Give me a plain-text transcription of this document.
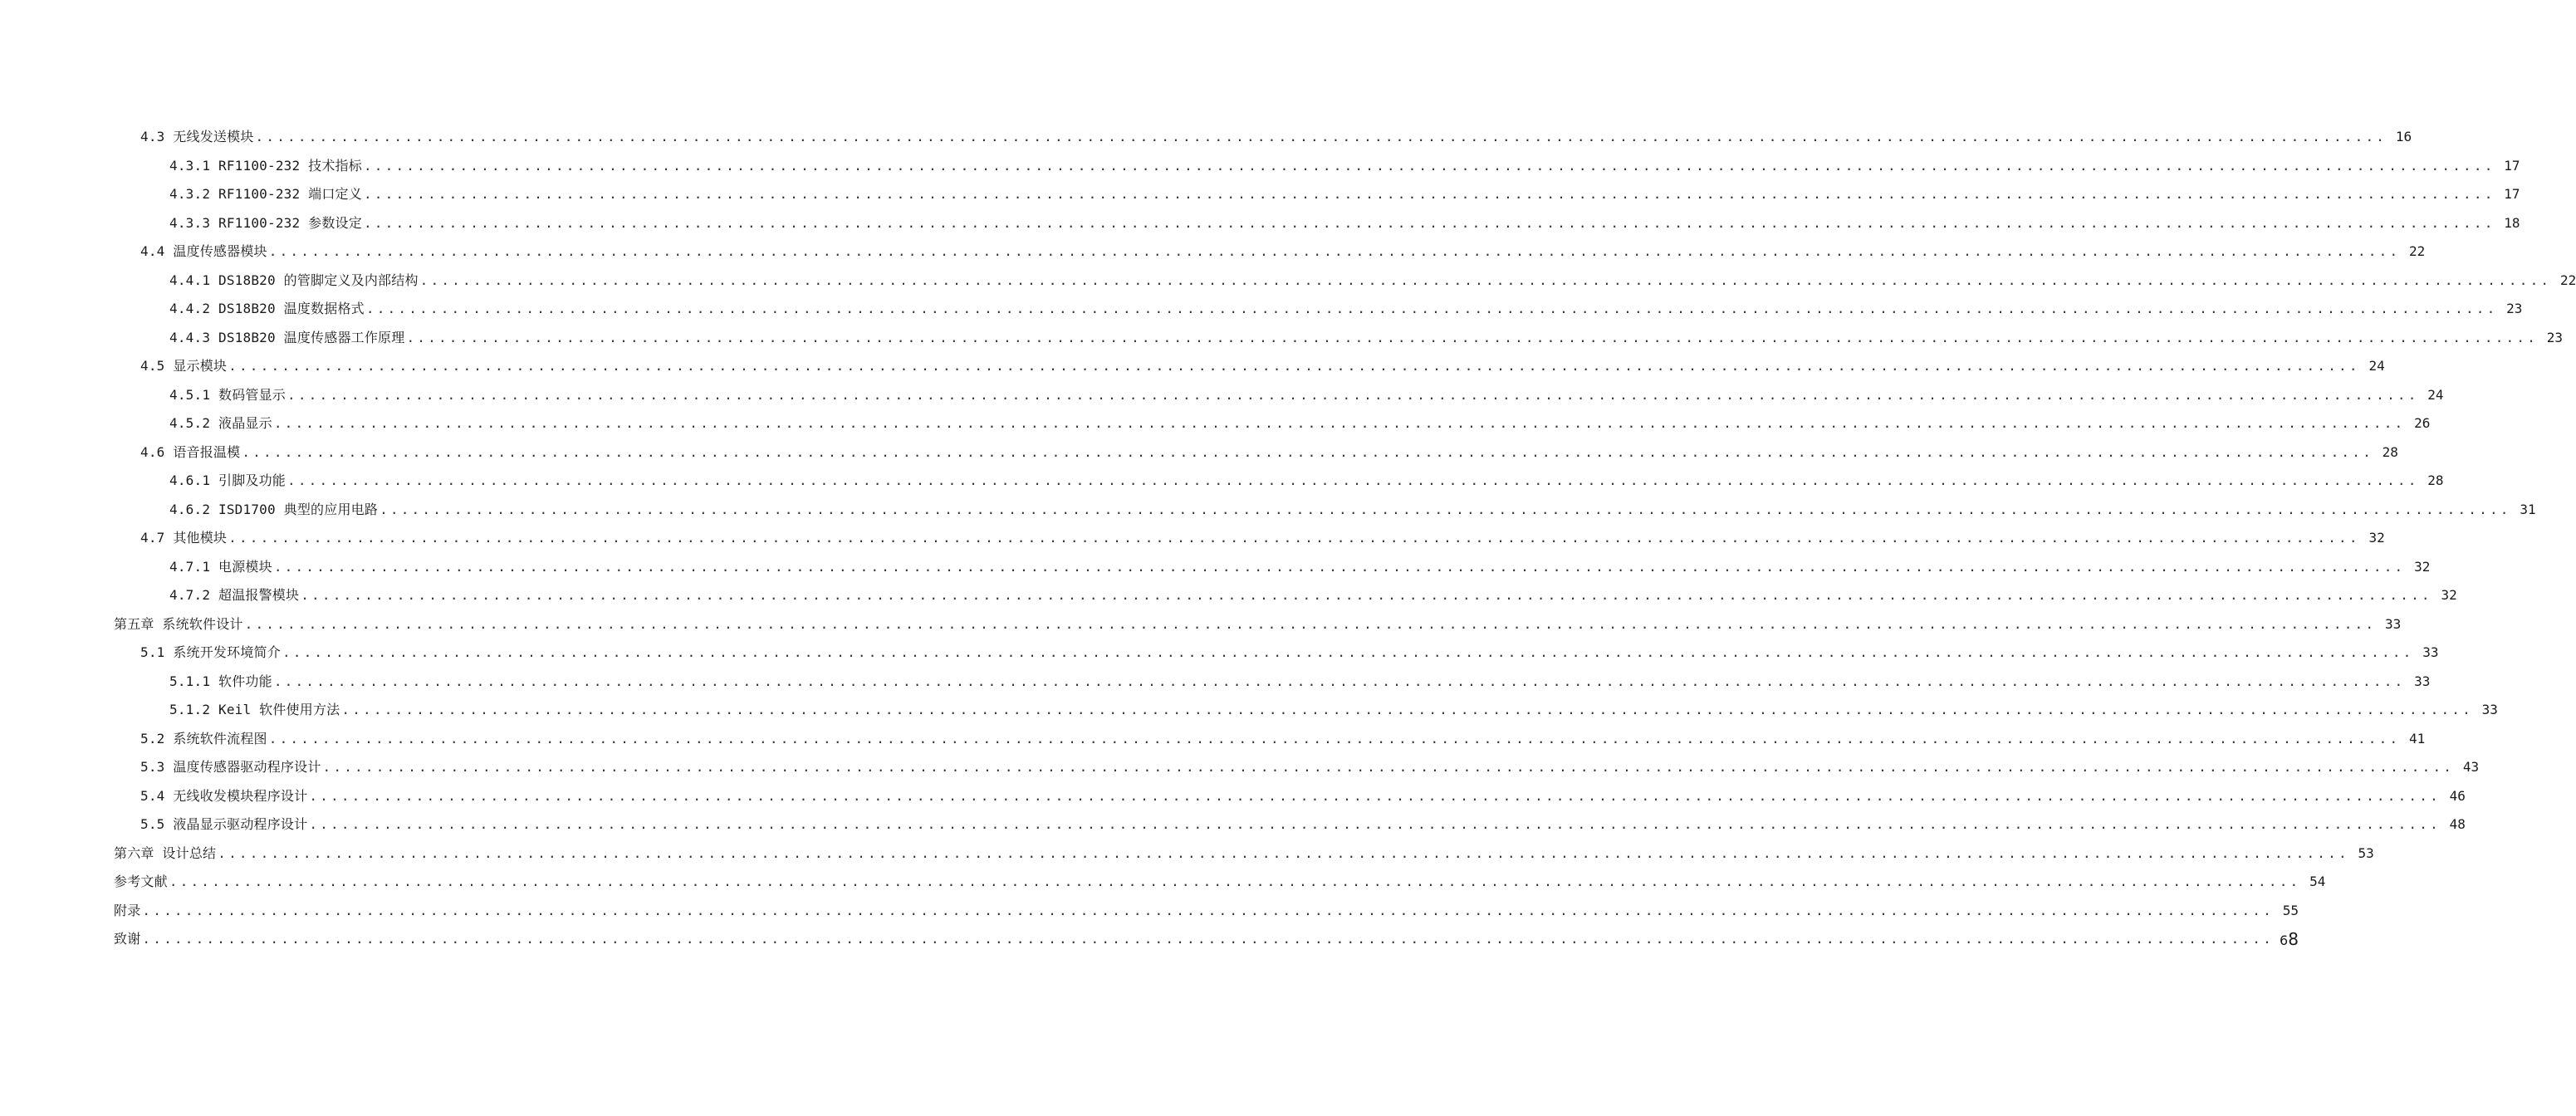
4.3 无线发送模块 ........................................................................................................................................................................................................ 16
4.3.1 RF1100-232 技术指标 ........................................................................................................................................................................................................ 17
4.3.2 RF1100-232 端口定义 ........................................................................................................................................................................................................ 17
4.3.3 RF1100-232 参数设定 ........................................................................................................................................................................................................ 18
4.4 温度传感器模块 ........................................................................................................................................................................................................ 22
4.4.1 DS18B20 的管脚定义及内部结构 ........................................................................................................................................................................................................ 22
4.4.2 DS18B20 温度数据格式 ........................................................................................................................................................................................................ 23
4.4.3 DS18B20 温度传感器工作原理 ........................................................................................................................................................................................................ 23
4.5 显示模块 ........................................................................................................................................................................................................ 24
4.5.1 数码管显示 ........................................................................................................................................................................................................ 24
4.5.2 液晶显示 ........................................................................................................................................................................................................ 26
4.6 语音报温模 ........................................................................................................................................................................................................ 28
4.6.1 引脚及功能 ........................................................................................................................................................................................................ 28
4.6.2 ISD1700 典型的应用电路 ........................................................................................................................................................................................................ 31
4.7 其他模块 ........................................................................................................................................................................................................ 32
4.7.1 电源模块 ........................................................................................................................................................................................................ 32
4.7.2 超温报警模块 ........................................................................................................................................................................................................ 32
第五章 系统软件设计 ........................................................................................................................................................................................................ 33
5.1 系统开发环境简介 ........................................................................................................................................................................................................ 33
5.1.1 软件功能 ........................................................................................................................................................................................................ 33
5.1.2 Keil 软件使用方法 ........................................................................................................................................................................................................ 33
5.2 系统软件流程图 ........................................................................................................................................................................................................ 41
5.3 温度传感器驱动程序设计 ........................................................................................................................................................................................................ 43
5.4 无线收发模块程序设计 ........................................................................................................................................................................................................ 46
5.5 液晶显示驱动程序设计 ........................................................................................................................................................................................................ 48
第六章 设计总结 ........................................................................................................................................................................................................ 53
参考文献 ........................................................................................................................................................................................................ 54
附录 ........................................................................................................................................................................................................ 55
致谢 ........................................................................................................................................................................................................ 68
